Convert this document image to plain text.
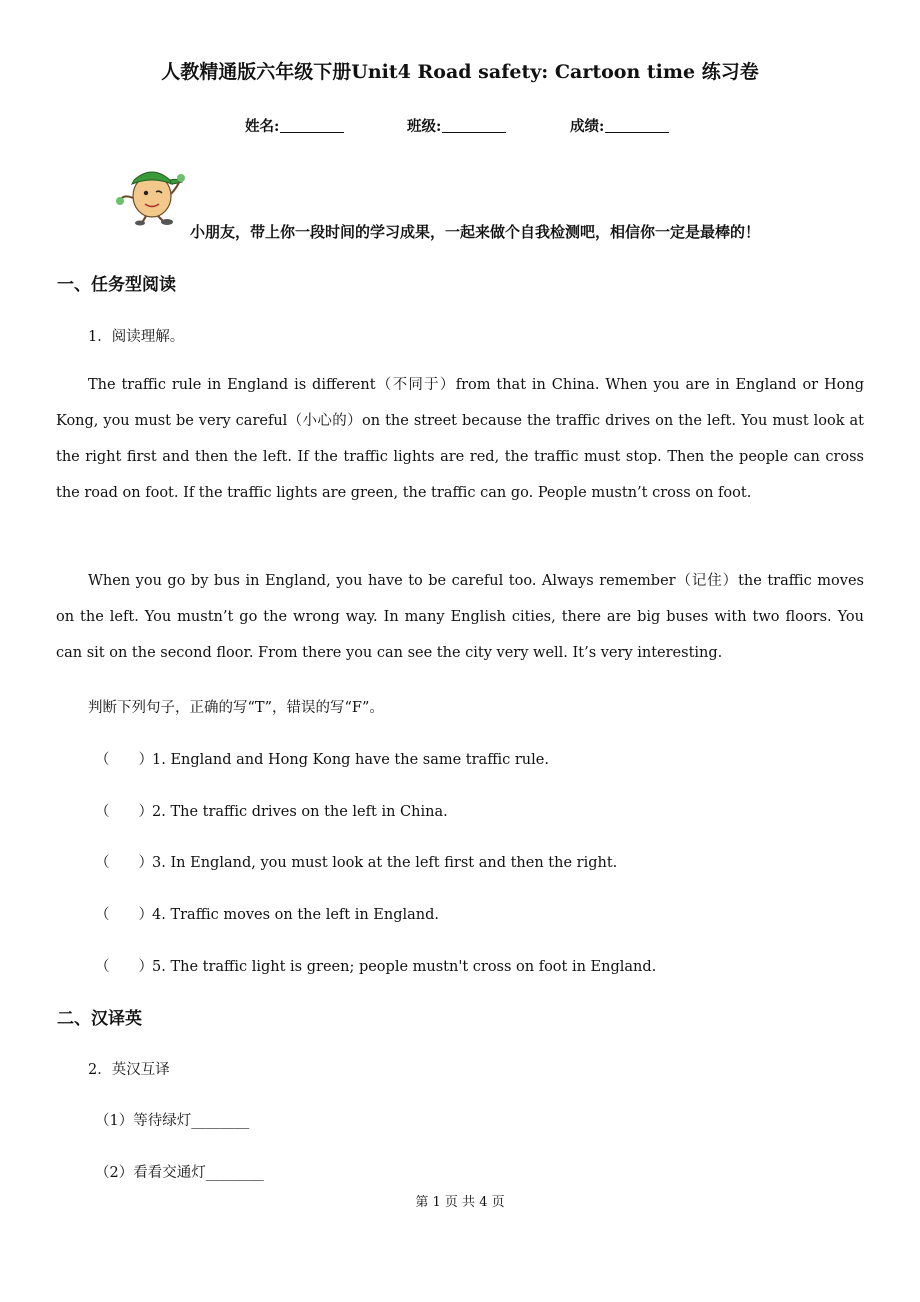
人教精通版六年级下册Unit4 Road safety: Cartoon time 练习卷
姓名:	班级:	成绩:
小朋友，带上你一段时间的学习成果，一起来做个自我检测吧，相信你一定是最棒的！
一、任务型阅读
1．阅读理解。
The traffic rule in England is different（不同于）from that in China. When you are in England or Hong Kong, you must be very careful（小心的）on the street because the traffic drives on the left. You must look at the right first and then the left. If the traffic lights are red, the traffic must stop. Then the people can cross the road on foot. If the traffic lights are green, the traffic can go. People mustn’t cross on foot.
When you go by bus in England, you have to be careful too. Always remember（记住）the traffic moves on the left. You mustn’t go the wrong way. In many English cities, there are big buses with two floors. You can sit on the second floor. From there you can see the city very well. It’s very interesting.
判断下列句子，正确的写“T”，错误的写“F”。
（　　）1. England and Hong Kong have the same traffic rule.
（　　）2. The traffic drives on the left in China.
（　　）3. In England, you must look at the left first and then the right.
（　　）4. Traffic moves on the left in England.
（　　）5. The traffic light is green; people mustn't cross on foot in England.
二、汉译英
2．英汉互译
（1）等待绿灯________
（2）看看交通灯________
第 1 页 共 4 页
